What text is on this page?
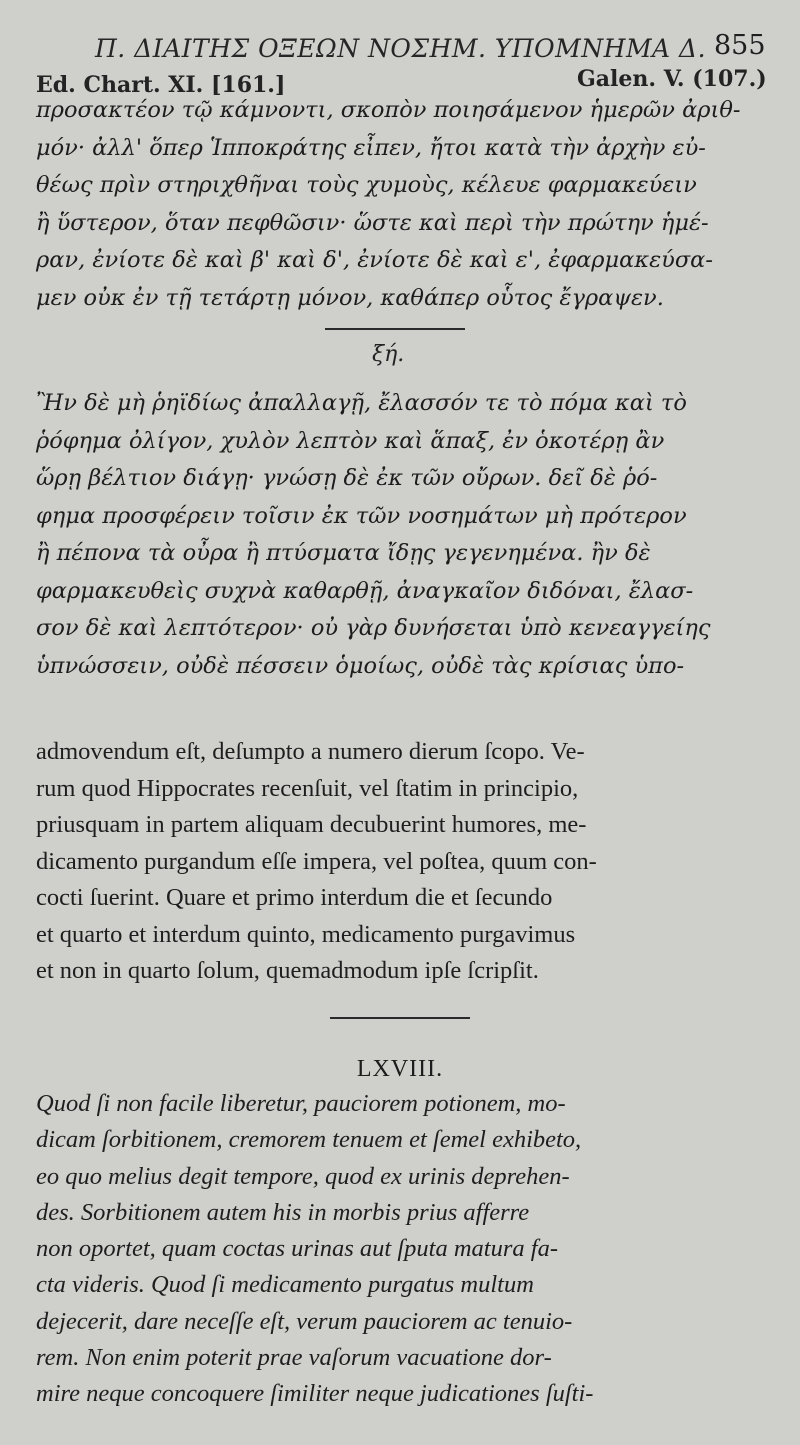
Π. ΔΙΑΙΤΗΣ ΟΞΕΩΝ ΝΟΣΗΜ. ΥΠΟΜΝΗΜΑ Δ. 855
Ed. Chart. XI. [161.]	Galen. V. (107.)
προσακτέον τῷ κάμνοντι, σκοπὸν ποιησάμενον ἡμερῶν ἀριθ-
μόν· ἀλλ' ὅπερ Ἱπποκράτης εἶπεν, ἤτοι κατὰ τὴν ἀρχὴν εὐ-
θέως πρὶν στηριχθῆναι τοὺς χυμοὺς, κέλευε φαρμακεύειν
ἢ ὕστερον, ὅταν πεφθῶσιν· ὥστε καὶ περὶ τὴν πρώτην ἡμέ-
ραν, ἐνίοτε δὲ καὶ β' καὶ δ', ἐνίοτε δὲ καὶ ε', ἐφαρμακεύσα-
μεν οὐκ ἐν τῇ τετάρτῃ μόνον, καθάπερ οὗτος ἔγραψεν.
ξή.
Ἢν δὲ μὴ ῥηϊδίως ἀπαλλαγῇ, ἔλασσόν τε τὸ πόμα καὶ τὸ
ῥόφημα ὀλίγον, χυλὸν λεπτὸν καὶ ἅπαξ, ἐν ὁκοτέρῃ ἂν
ὥρῃ βέλτιον διάγῃ· γνώσῃ δὲ ἐκ τῶν οὔρων. δεῖ δὲ ῥό-
φημα προσφέρειν τοῖσιν ἐκ τῶν νοσημάτων μὴ πρότερον
ἢ πέπονα τὰ οὖρα ἢ πτύσματα ἴδῃς γεγενημένα. ἢν δὲ
φαρμακευθεὶς συχνὰ καθαρθῇ, ἀναγκαῖον διδόναι, ἔλασ-
σον δὲ καὶ λεπτότερον· οὐ γὰρ δυνήσεται ὑπὸ κενεαγγείης
ὑπνώσσειν, οὐδὲ πέσσειν ὁμοίως, οὐδὲ τὰς κρίσιας ὑπο-
admovendum eſt, deſumpto a numero dierum ſcopo. Ve-
rum quod Hippocrates recenſuit, vel ſtatim in principio,
priusquam in partem aliquam decubuerint humores, me-
dicamento purgandum eſſe impera, vel poſtea, quum con-
cocti ſuerint. Quare et primo interdum die et ſecundo
et quarto et interdum quinto, medicamento purgavimus
et non in quarto ſolum, quemadmodum ipſe ſcripſit.
LXVIII.
Quod ſi non facile liberetur, pauciorem potionem, mo-
dicam ſorbitionem, cremorem tenuem et ſemel exhibeto,
eo quo melius degit tempore, quod ex urinis deprehen-
des. Sorbitionem autem his in morbis prius afferre
non oportet, quam coctas urinas aut ſputa matura fa-
cta videris. Quod ſi medicamento purgatus multum
dejecerit, dare neceſſe eſt, verum pauciorem ac tenuio-
rem. Non enim poterit prae vaſorum vacuatione dor-
mire neque concoquere ſimiliter neque judicationes ſuſti-
